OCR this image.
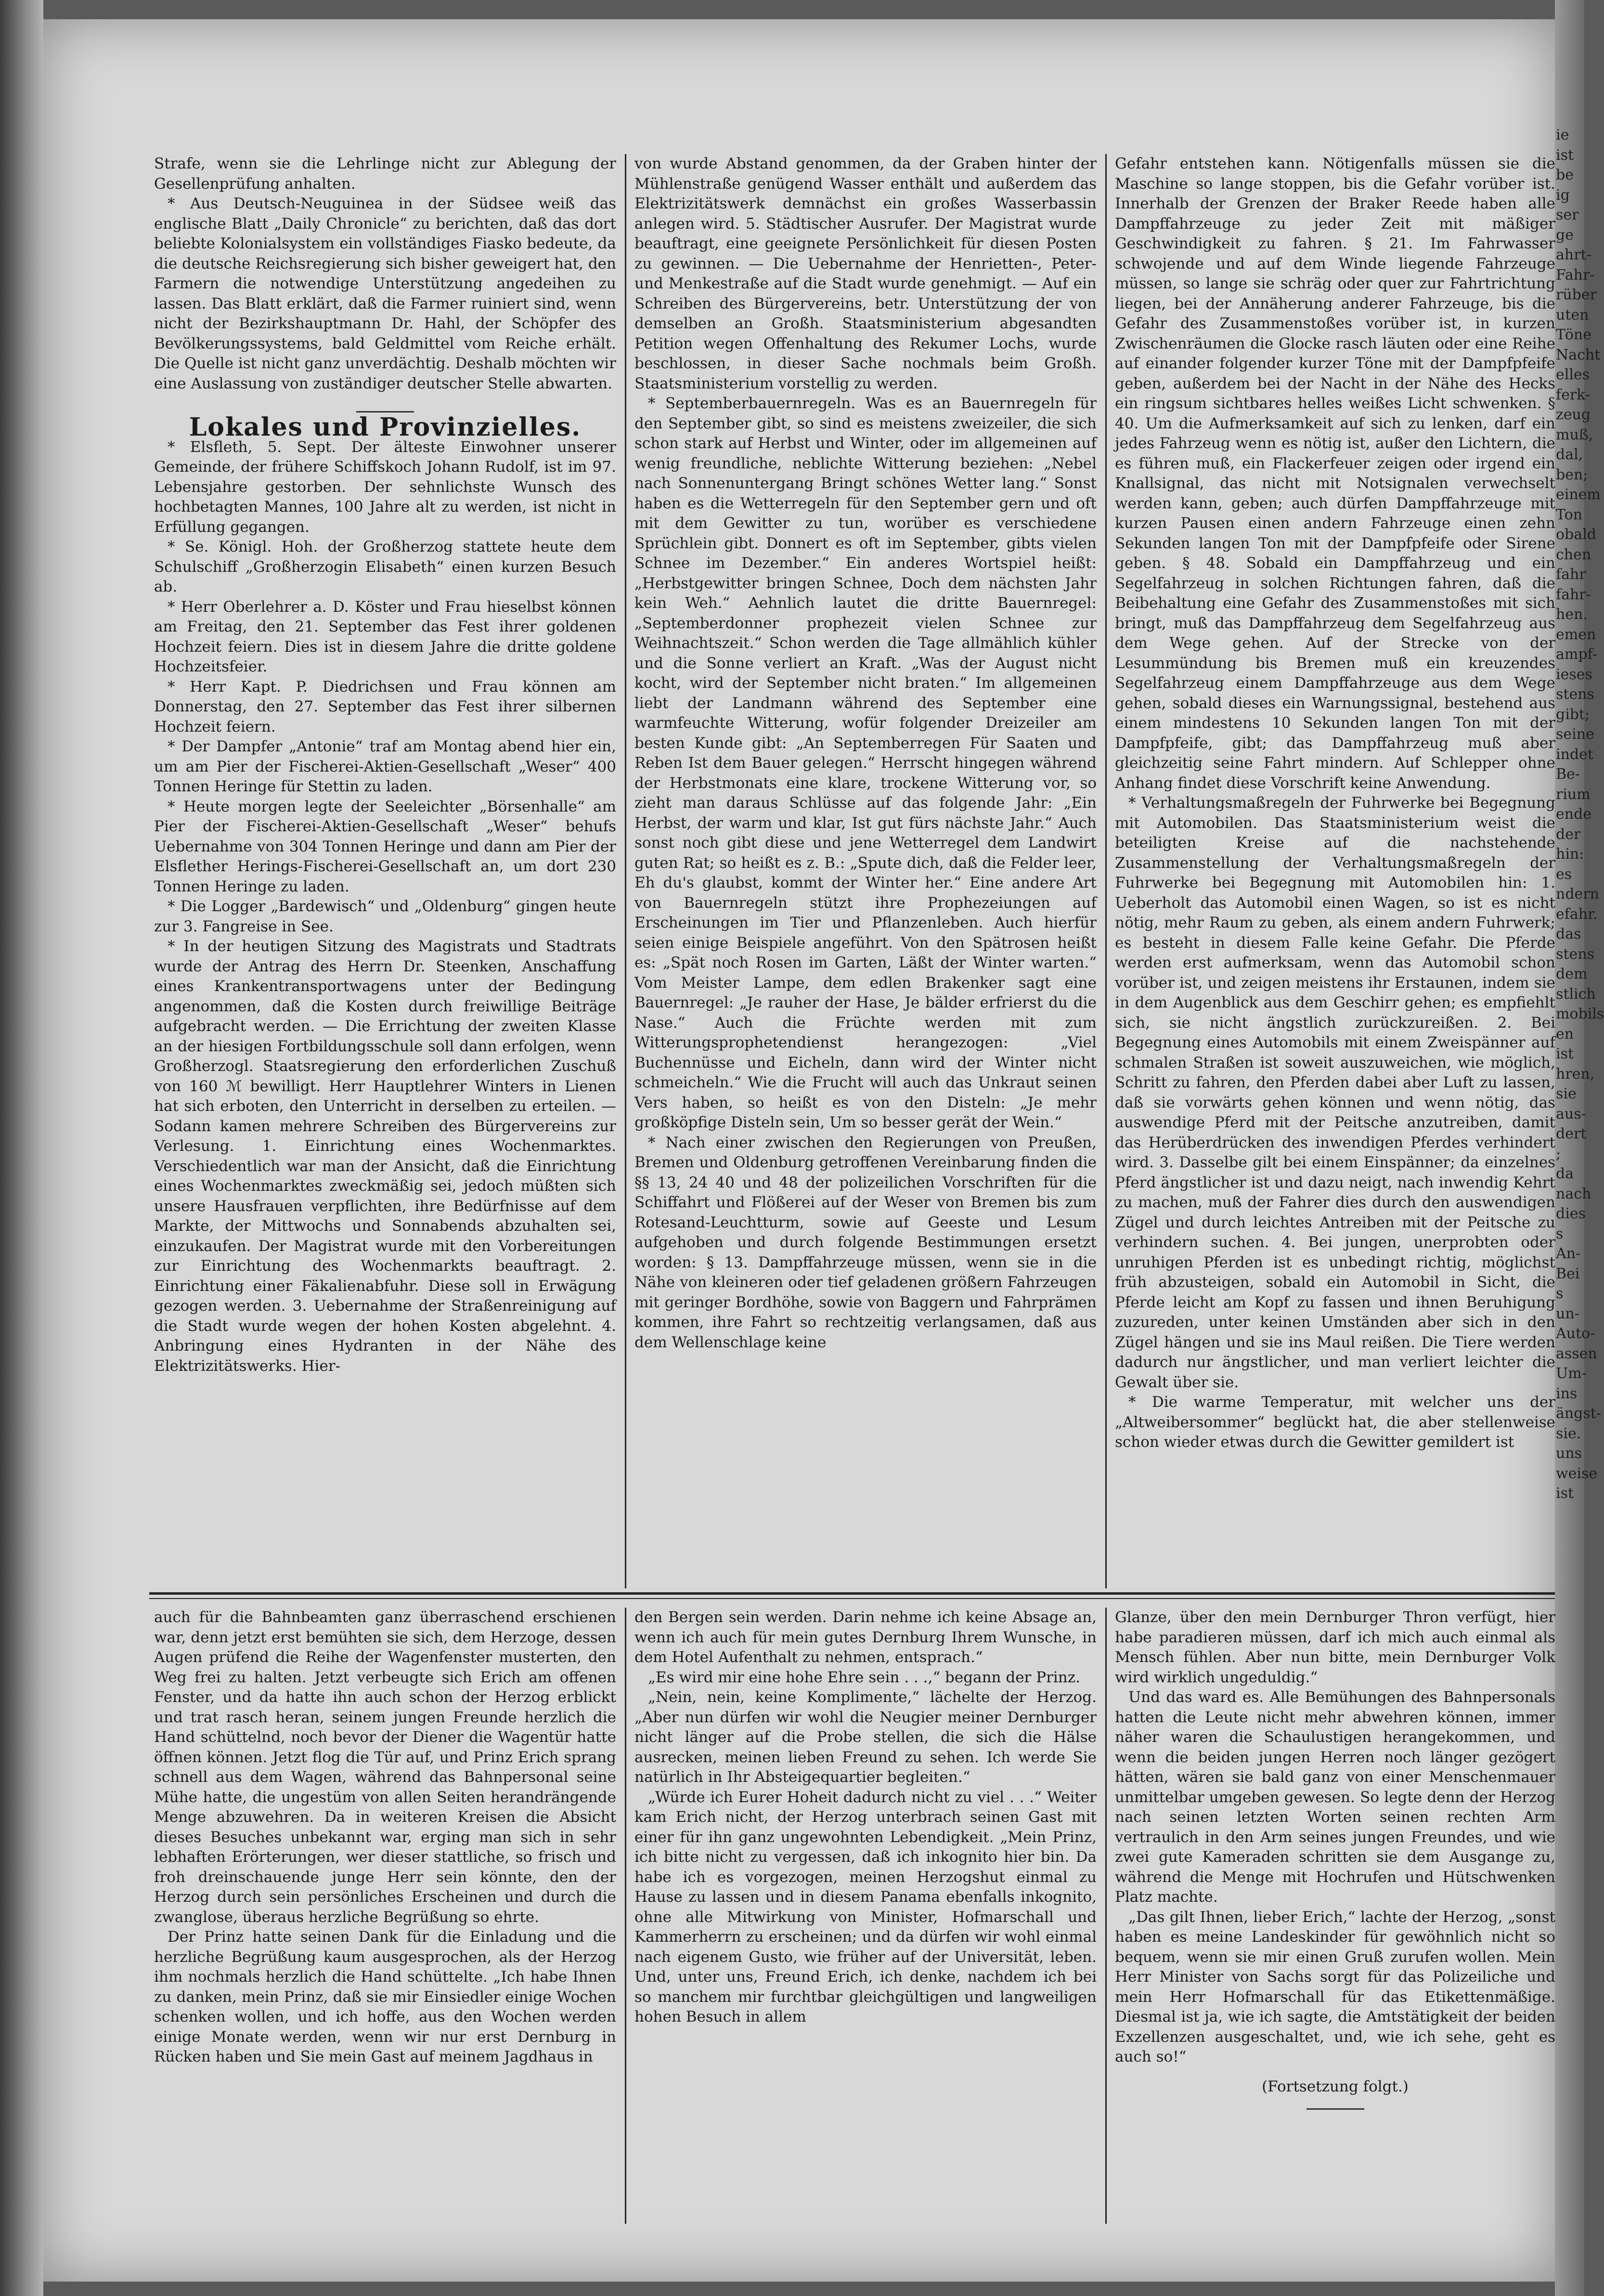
Strafe, wenn sie die Lehrlinge nicht zur Ablegung der Gesellenprüfung anhalten.

* Aus Deutsch-Neuguinea in der Südsee weiß das englische Blatt „Daily Chronicle“ zu berichten, daß das dort beliebte Kolonialsystem ein vollständiges Fiasko bedeute, da die deutsche Reichsregierung sich bisher geweigert hat, den Farmern die notwendige Unterstützung angedeihen zu lassen. Das Blatt erklärt, daß die Farmer ruiniert sind, wenn nicht der Bezirkshauptmann Dr. Hahl, der Schöpfer des Bevölkerungssystems, bald Geldmittel vom Reiche erhält. Die Quelle ist nicht ganz unverdächtig. Deshalb möchten wir eine Auslassung von zuständiger deutscher Stelle abwarten.

Lokales und Provinzielles.

* Elsfleth, 5. Sept. Der älteste Einwohner unserer Gemeinde, der frühere Schiffskoch Johann Rudolf, ist im 97. Lebensjahre gestorben. Der sehnlichste Wunsch des hochbetagten Mannes, 100 Jahre alt zu werden, ist nicht in Erfüllung gegangen.

* Se. Königl. Hoh. der Großherzog stattete heute dem Schulschiff „Großherzogin Elisabeth“ einen kurzen Besuch ab.

* Herr Oberlehrer a. D. Köster und Frau hieselbst können am Freitag, den 21. September das Fest ihrer goldenen Hochzeit feiern. Dies ist in diesem Jahre die dritte goldene Hochzeitsfeier.

* Herr Kapt. P. Diedrichsen und Frau können am Donnerstag, den 27. September das Fest ihrer silbernen Hochzeit feiern.

* Der Dampfer „Antonie“ traf am Montag abend hier ein, um am Pier der Fischerei-Aktien-Gesellschaft „Weser“ 400 Tonnen Heringe für Stettin zu laden.

* Heute morgen legte der Seeleichter „Börsenhalle“ am Pier der Fischerei-Aktien-Gesellschaft „Weser“ behufs Uebernahme von 304 Tonnen Heringe und dann am Pier der Elsflether Herings-Fischerei-Gesellschaft an, um dort 230 Tonnen Heringe zu laden.

* Die Logger „Bardewisch“ und „Oldenburg“ gingen heute zur 3. Fangreise in See.

* In der heutigen Sitzung des Magistrats und Stadtrats wurde der Antrag des Herrn Dr. Steenken, Anschaffung eines Krankentransportwagens unter der Bedingung angenommen, daß die Kosten durch freiwillige Beiträge aufgebracht werden. — Die Errichtung der zweiten Klasse an der hiesigen Fortbildungsschule soll dann erfolgen, wenn Großherzogl. Staatsregierung den erforderlichen Zuschuß von 160 ℳ bewilligt. Herr Hauptlehrer Winters in Lienen hat sich erboten, den Unterricht in derselben zu erteilen. — Sodann kamen mehrere Schreiben des Bürgervereins zur Verlesung. 1. Einrichtung eines Wochenmarktes. Verschiedentlich war man der Ansicht, daß die Einrichtung eines Wochenmarktes zweckmäßig sei, jedoch müßten sich unsere Hausfrauen verpflichten, ihre Bedürfnisse auf dem Markte, der Mittwochs und Sonnabends abzuhalten sei, einzukaufen. Der Magistrat wurde mit den Vorbereitungen zur Einrichtung des Wochenmarkts beauftragt. 2. Einrichtung einer Fäkalienabfuhr. Diese soll in Erwägung gezogen werden. 3. Uebernahme der Straßenreinigung auf die Stadt wurde wegen der hohen Kosten abgelehnt. 4. Anbringung eines Hydranten in der Nähe des Elektrizitätswerks. Hier-

von wurde Abstand genommen, da der Graben hinter der Mühlenstraße genügend Wasser enthält und außerdem das Elektrizitätswerk demnächst ein großes Wasserbassin anlegen wird. 5. Städtischer Ausrufer. Der Magistrat wurde beauftragt, eine geeignete Persönlichkeit für diesen Posten zu gewinnen. — Die Uebernahme der Henrietten-, Peter- und Menkestraße auf die Stadt wurde genehmigt. — Auf ein Schreiben des Bürgervereins, betr. Unterstützung der von demselben an Großh. Staatsministerium abgesandten Petition wegen Offenhaltung des Rekumer Lochs, wurde beschlossen, in dieser Sache nochmals beim Großh. Staatsministerium vorstellig zu werden.

* Septemberbauernregeln. Was es an Bauernregeln für den September gibt, so sind es meistens zweizeiler, die sich schon stark auf Herbst und Winter, oder im allgemeinen auf wenig freundliche, neblichte Witterung beziehen: „Nebel nach Sonnenuntergang Bringt schönes Wetter lang.“ Sonst haben es die Wetterregeln für den September gern und oft mit dem Gewitter zu tun, worüber es verschiedene Sprüchlein gibt. Donnert es oft im September, gibts vielen Schnee im Dezember.“ Ein anderes Wortspiel heißt: „Herbstgewitter bringen Schnee, Doch dem nächsten Jahr kein Weh.“ Aehnlich lautet die dritte Bauernregel: „Septemberdonner prophezeit vielen Schnee zur Weihnachtszeit.“ Schon werden die Tage allmählich kühler und die Sonne verliert an Kraft. „Was der August nicht kocht, wird der September nicht braten.“ Im allgemeinen liebt der Landmann während des September eine warmfeuchte Witterung, wofür folgender Dreizeiler am besten Kunde gibt: „An Septemberregen Für Saaten und Reben Ist dem Bauer gelegen.“ Herrscht hingegen während der Herbstmonats eine klare, trockene Witterung vor, so zieht man daraus Schlüsse auf das folgende Jahr: „Ein Herbst, der warm und klar, Ist gut fürs nächste Jahr.“ Auch sonst noch gibt diese und jene Wetterregel dem Landwirt guten Rat; so heißt es z. B.: „Spute dich, daß die Felder leer, Eh du's glaubst, kommt der Winter her.“ Eine andere Art von Bauernregeln stützt ihre Prophezeiungen auf Erscheinungen im Tier und Pflanzenleben. Auch hierfür seien einige Beispiele angeführt. Von den Spätrosen heißt es: „Spät noch Rosen im Garten, Läßt der Winter warten.“ Vom Meister Lampe, dem edlen Brakenker sagt eine Bauernregel: „Je rauher der Hase, Je bälder erfrierst du die Nase.“ Auch die Früchte werden mit zum Witterungsprophetendienst herangezogen: „Viel Buchennüsse und Eicheln, dann wird der Winter nicht schmeicheln.“ Wie die Frucht will auch das Unkraut seinen Vers haben, so heißt es von den Disteln: „Je mehr großköpfige Disteln sein, Um so besser gerät der Wein.“

* Nach einer zwischen den Regierungen von Preußen, Bremen und Oldenburg getroffenen Vereinbarung finden die §§ 13, 24 40 und 48 der polizeilichen Vorschriften für die Schiffahrt und Flößerei auf der Weser von Bremen bis zum Rotesand-Leuchtturm, sowie auf Geeste und Lesum aufgehoben und durch folgende Bestimmungen ersetzt worden: § 13. Dampffahrzeuge müssen, wenn sie in die Nähe von kleineren oder tief geladenen größern Fahrzeugen mit geringer Bordhöhe, sowie von Baggern und Fahrprämen kommen, ihre Fahrt so rechtzeitig verlangsamen, daß aus dem Wellenschlage keine

Gefahr entstehen kann. Nötigenfalls müssen sie die Maschine so lange stoppen, bis die Gefahr vorüber ist. Innerhalb der Grenzen der Braker Reede haben alle Dampffahrzeuge zu jeder Zeit mit mäßiger Geschwindigkeit zu fahren. § 21. Im Fahrwasser schwojende und auf dem Winde liegende Fahrzeuge müssen, so lange sie schräg oder quer zur Fahrtrichtung liegen, bei der Annäherung anderer Fahrzeuge, bis die Gefahr des Zusammenstoßes vorüber ist, in kurzen Zwischenräumen die Glocke rasch läuten oder eine Reihe auf einander folgender kurzer Töne mit der Dampfpfeife geben, außerdem bei der Nacht in der Nähe des Hecks ein ringsum sichtbares helles weißes Licht schwenken. § 40. Um die Aufmerksamkeit auf sich zu lenken, darf ein jedes Fahrzeug wenn es nötig ist, außer den Lichtern, die es führen muß, ein Flackerfeuer zeigen oder irgend ein Knallsignal, das nicht mit Notsignalen verwechselt werden kann, geben; auch dürfen Dampffahrzeuge mit kurzen Pausen einen andern Fahrzeuge einen zehn Sekunden langen Ton mit der Dampfpfeife oder Sirene geben. § 48. Sobald ein Dampffahrzeug und ein Segelfahrzeug in solchen Richtungen fahren, daß die Beibehaltung eine Gefahr des Zusammenstoßes mit sich bringt, muß das Dampffahrzeug dem Segelfahrzeug aus dem Wege gehen. Auf der Strecke von der Lesummündung bis Bremen muß ein kreuzendes Segelfahrzeug einem Dampffahrzeuge aus dem Wege gehen, sobald dieses ein Warnungssignal, bestehend aus einem mindestens 10 Sekunden langen Ton mit der Dampfpfeife, gibt; das Dampffahrzeug muß aber gleichzeitig seine Fahrt mindern. Auf Schlepper ohne Anhang findet diese Vorschrift keine Anwendung.

* Verhaltungsmaßregeln der Fuhrwerke bei Begegnung mit Automobilen. Das Staatsministerium weist die beteiligten Kreise auf die nachstehende Zusammenstellung der Verhaltungsmaßregeln der Fuhrwerke bei Begegnung mit Automobilen hin: 1. Ueberholt das Automobil einen Wagen, so ist es nicht nötig, mehr Raum zu geben, als einem andern Fuhrwerk; es besteht in diesem Falle keine Gefahr. Die Pferde werden erst aufmerksam, wenn das Automobil schon vorüber ist, und zeigen meistens ihr Erstaunen, indem sie in dem Augenblick aus dem Geschirr gehen; es empfiehlt sich, sie nicht ängstlich zurückzureißen. 2. Bei Begegnung eines Automobils mit einem Zweispänner auf schmalen Straßen ist soweit auszuweichen, wie möglich, Schritt zu fahren, den Pferden dabei aber Luft zu lassen, daß sie vorwärts gehen können und wenn nötig, das auswendige Pferd mit der Peitsche anzutreiben, damit das Herüberdrücken des inwendigen Pferdes verhindert wird. 3. Dasselbe gilt bei einem Einspänner; da einzelnes Pferd ängstlicher ist und dazu neigt, nach inwendig Kehrt zu machen, muß der Fahrer dies durch den auswendigen Zügel und durch leichtes Antreiben mit der Peitsche zu verhindern suchen. 4. Bei jungen, unerprobten oder unruhigen Pferden ist es unbedingt richtig, möglichst früh abzusteigen, sobald ein Automobil in Sicht, die Pferde leicht am Kopf zu fassen und ihnen Beruhigung zuzureden, unter keinen Umständen aber sich in den Zügel hängen und sie ins Maul reißen. Die Tiere werden dadurch nur ängstlicher, und man verliert leichter die Gewalt über sie.

* Die warme Temperatur, mit welcher uns der „Altweibersommer“ beglückt hat, die aber stellenweise schon wieder etwas durch die Gewitter gemildert ist

auch für die Bahnbeamten ganz überraschend erschienen war, denn jetzt erst bemühten sie sich, dem Herzoge, dessen Augen prüfend die Reihe der Wagenfenster musterten, den Weg frei zu halten. Jetzt verbeugte sich Erich am offenen Fenster, und da hatte ihn auch schon der Herzog erblickt und trat rasch heran, seinem jungen Freunde herzlich die Hand schüttelnd, noch bevor der Diener die Wagentür hatte öffnen können. Jetzt flog die Tür auf, und Prinz Erich sprang schnell aus dem Wagen, während das Bahnpersonal seine Mühe hatte, die ungestüm von allen Seiten herandrängende Menge abzuwehren. Da in weiteren Kreisen die Absicht dieses Besuches unbekannt war, erging man sich in sehr lebhaften Erörterungen, wer dieser stattliche, so frisch und froh dreinschauende junge Herr sein könnte, den der Herzog durch sein persönliches Erscheinen und durch die zwanglose, überaus herzliche Begrüßung so ehrte.

Der Prinz hatte seinen Dank für die Einladung und die herzliche Begrüßung kaum ausgesprochen, als der Herzog ihm nochmals herzlich die Hand schüttelte. „Ich habe Ihnen zu danken, mein Prinz, daß sie mir Einsiedler einige Wochen schenken wollen, und ich hoffe, aus den Wochen werden einige Monate werden, wenn wir nur erst Dernburg in Rücken haben und Sie mein Gast auf meinem Jagdhaus in

den Bergen sein werden. Darin nehme ich keine Absage an, wenn ich auch für mein gutes Dernburg Ihrem Wunsche, in dem Hotel Aufenthalt zu nehmen, entsprach.“

„Es wird mir eine hohe Ehre sein . . .,“ begann der Prinz.

„Nein, nein, keine Komplimente,“ lächelte der Herzog. „Aber nun dürfen wir wohl die Neugier meiner Dernburger nicht länger auf die Probe stellen, die sich die Hälse ausrecken, meinen lieben Freund zu sehen. Ich werde Sie natürlich in Ihr Absteigequartier begleiten.“

„Würde ich Eurer Hoheit dadurch nicht zu viel . . .“ Weiter kam Erich nicht, der Herzog unterbrach seinen Gast mit einer für ihn ganz ungewohnten Lebendigkeit. „Mein Prinz, ich bitte nicht zu vergessen, daß ich inkognito hier bin. Da habe ich es vorgezogen, meinen Herzogshut einmal zu Hause zu lassen und in diesem Panama ebenfalls inkognito, ohne alle Mitwirkung von Minister, Hofmarschall und Kammerherrn zu erscheinen; und da dürfen wir wohl einmal nach eigenem Gusto, wie früher auf der Universität, leben. Und, unter uns, Freund Erich, ich denke, nachdem ich bei so manchem mir furchtbar gleichgültigen und langweiligen hohen Besuch in allem

Glanze, über den mein Dernburger Thron verfügt, hier habe paradieren müssen, darf ich mich auch einmal als Mensch fühlen. Aber nun bitte, mein Dernburger Volk wird wirklich ungeduldig.“

Und das ward es. Alle Bemühungen des Bahnpersonals hatten die Leute nicht mehr abwehren können, immer näher waren die Schaulustigen herangekommen, und wenn die beiden jungen Herren noch länger gezögert hätten, wären sie bald ganz von einer Menschenmauer unmittelbar umgeben gewesen. So legte denn der Herzog nach seinen letzten Worten seinen rechten Arm vertraulich in den Arm seines jungen Freundes, und wie zwei gute Kameraden schritten sie dem Ausgange zu, während die Menge mit Hochrufen und Hütschwenken Platz machte.

„Das gilt Ihnen, lieber Erich,“ lachte der Herzog, „sonst haben es meine Landeskinder für gewöhnlich nicht so bequem, wenn sie mir einen Gruß zurufen wollen. Mein Herr Minister von Sachs sorgt für das Polizeiliche und mein Herr Hofmarschall für das Etikettenmäßige. Diesmal ist ja, wie ich sagte, die Amtstätigkeit der beiden Exzellenzen ausgeschaltet, und, wie ich sehe, geht es auch so!“

(Fortsetzung folgt.)

ie
ist
be
ig
ser
ge
ahrt-
Fahr-
rüber
uten
Töne
Nacht
elles
ferk-
zeug
muß,
dal,
ben;
einem
Ton
obald
chen
fahr
fahr-
hen.
emen
ampf-
ieses
stens
gibt;
seine
indet
Be-
rium
ende
der
hin:
es
ndern
efahr.
das
stens
dem
stlich
mobils
en ist
hren,
sie
aus-
dert
; da
nach
dies
s An-
Bei
s un-
Auto-
assen
Um-
ins
ängst-
sie.
uns
weise
ist
